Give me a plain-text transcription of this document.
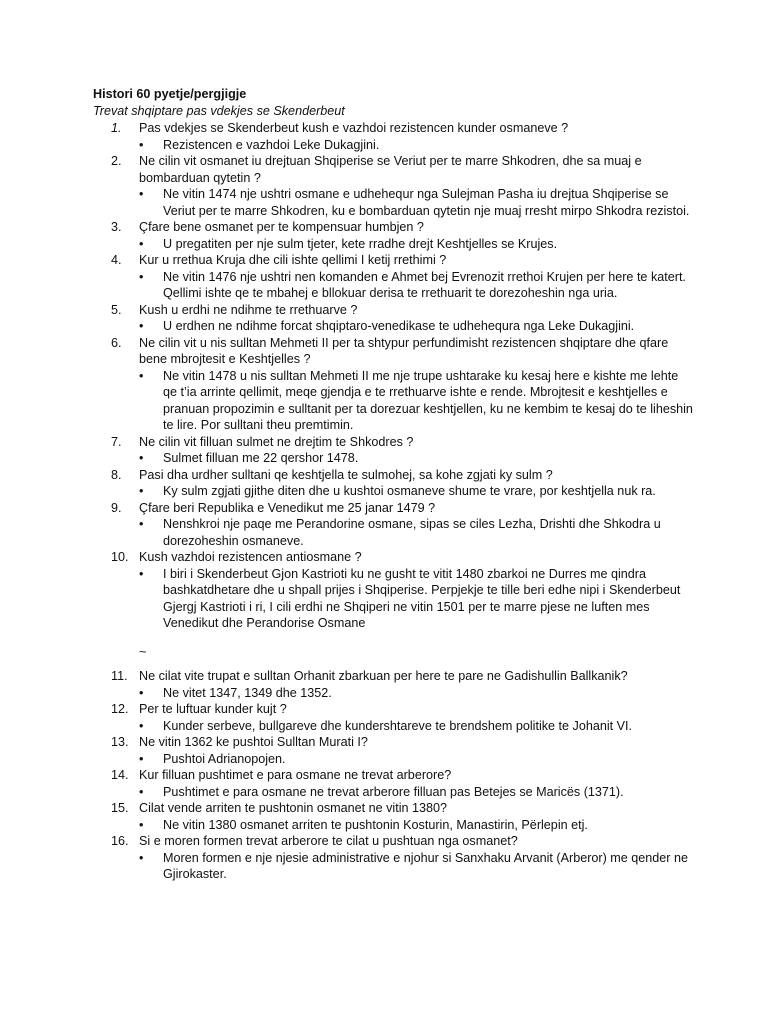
Histori 60 pyetje/pergjigje
Trevat shqiptare pas vdekjes se Skenderbeut
1.	Pas vdekjes se Skenderbeut kush e vazhdoi rezistencen kunder osmaneve ?
• Rezistencen e vazhdoi Leke Dukagjini.
2.	Ne cilin vit osmanet iu drejtuan Shqiperise se Veriut per te marre Shkodren, dhe sa muaj e bombarduan qytetin ?
• Ne vitin 1474 nje ushtri osmane e udhehequr nga Sulejman Pasha iu drejtua Shqiperise se Veriut per te marre Shkodren, ku e bombarduan qytetin nje muaj rresht mirpo Shkodra rezistoi.
3.	Çfare bene osmanet per te kompensuar humbjen ?
• U pregatiten per nje sulm tjeter, kete rradhe drejt Keshtjelles se Krujes.
4.	Kur u rrethua Kruja dhe cili ishte qellimi I ketij rrethimi ?
• Ne vitin 1476 nje ushtri nen komanden e Ahmet bej Evrenozit rrethoi Krujen per here te katert. Qellimi ishte qe te mbahej e bllokuar derisa te rrethuarit te dorezoheshin nga uria.
5.	Kush u erdhi ne ndihme te rrethuarve ?
• U erdhen ne ndihme forcat shqiptaro-venedikase te udhehequra nga Leke Dukagjini.
6.	Ne cilin vit u nis sulltan Mehmeti II per ta shtypur perfundimisht rezistencen shqiptare dhe qfare bene mbrojtesit e Keshtjelles ?
• Ne vitin 1478 u nis sulltan Mehmeti II me nje trupe ushtarake ku kesaj here e kishte me lehte qe t’ia arrinte qellimit, meqe gjendja e te rrethuarve ishte e rende. Mbrojtesit e keshtjelles e pranuan propozimin e sulltanit per ta dorezuar keshtjellen, ku ne kembim te kesaj do te liheshin te lire. Por sulltani theu premtimin.
7.	Ne cilin vit filluan sulmet ne drejtim te Shkodres ?
• Sulmet filluan me 22 qershor 1478.
8.	Pasi dha urdher sulltani qe keshtjella te sulmohej, sa kohe zgjati ky sulm ?
• Ky sulm zgjati gjithe diten dhe u kushtoi osmaneve shume te vrare, por keshtjella nuk ra.
9.	Çfare beri Republika e Venedikut me 25 janar 1479 ?
• Nenshkroi nje paqe me Perandorine osmane, sipas se ciles Lezha, Drishti dhe Shkodra u dorezoheshin osmaneve.
10. Kush vazhdoi rezistencen antiosmane ?
• I biri i Skenderbeut Gjon Kastrioti ku ne gusht te vitit 1480 zbarkoi ne Durres me qindra bashkatdhetare dhe u shpall prijes i Shqiperise. Perpjekje te tille beri edhe nipi i Skenderbeut Gjergj Kastrioti i ri, I cili erdhi ne Shqiperi ne vitin 1501 per te marre pjese ne luften mes Venedikut dhe Perandorise Osmane
~
11. Ne cilat vite trupat e sulltan Orhanit zbarkuan per here te pare ne Gadishullin Ballkanik?
• Ne vitet 1347, 1349 dhe 1352.
12. Per te luftuar kunder kujt ?
• Kunder serbeve, bullgareve dhe kundershtareve te brendshem politike te Johanit VI.
13. Ne vitin 1362 ke pushtoi Sulltan Murati I?
• Pushtoi Adrianopojen.
14. Kur filluan pushtimet e para osmane ne trevat arberore?
• Pushtimet e para osmane ne trevat arberore filluan pas Betejes se Maricës (1371).
15. Cilat vende arriten te pushtonin osmanet ne vitin 1380?
• Ne vitin 1380 osmanet arriten te pushtonin Kosturin, Manastirin, Përlepin etj.
16. Si e moren formen trevat arberore te cilat u pushtuan nga osmanet?
• Moren formen e nje njesie administrative e njohur si Sanxhaku Arvanit (Arberor) me qender ne Gjirokaster.
